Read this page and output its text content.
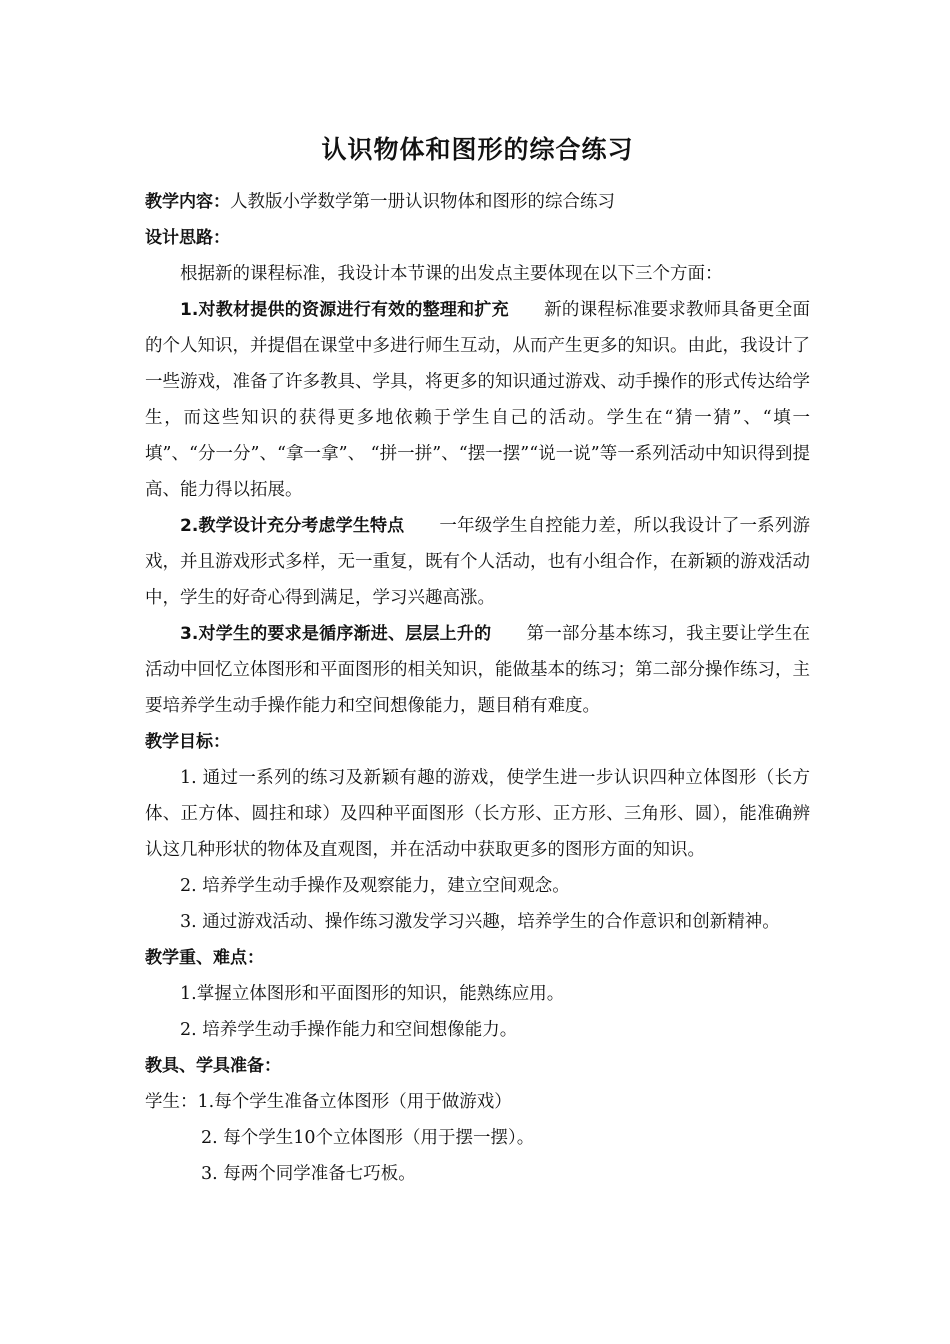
认识物体和图形的综合练习

教学内容：人教版小学数学第一册认识物体和图形的综合练习

设计思路：

根据新的课程标准，我设计本节课的出发点主要体现在以下三个方面：

1.对教材提供的资源进行有效的整理和扩充 新的课程标准要求教师具备更全面的个人知识，并提倡在课堂中多进行师生互动，从而产生更多的知识。由此，我设计了一些游戏，准备了许多教具、学具，将更多的知识通过游戏、动手操作的形式传达给学生，而这些知识的获得更多地依赖于学生自己的活动。学生在“猜一猜”、“填一填”、“分一分”、“拿一拿”、 “拼一拼”、“摆一摆”“说一说”等一系列活动中知识得到提高、能力得以拓展。

2.教学设计充分考虑学生特点 一年级学生自控能力差，所以我设计了一系列游戏，并且游戏形式多样，无一重复，既有个人活动，也有小组合作，在新颖的游戏活动中，学生的好奇心得到满足，学习兴趣高涨。

3.对学生的要求是循序渐进、层层上升的 第一部分基本练习，我主要让学生在活动中回忆立体图形和平面图形的相关知识，能做基本的练习；第二部分操作练习，主要培养学生动手操作能力和空间想像能力，题目稍有难度。

教学目标：

1. 通过一系列的练习及新颖有趣的游戏，使学生进一步认识四种立体图形（长方体、正方体、圆拄和球）及四种平面图形（长方形、正方形、三角形、圆），能准确辨认这几种形状的物体及直观图，并在活动中获取更多的图形方面的知识。

2. 培养学生动手操作及观察能力，建立空间观念。

3. 通过游戏活动、操作练习激发学习兴趣，培养学生的合作意识和创新精神。

教学重、难点：

1.掌握立体图形和平面图形的知识，能熟练应用。

2. 培养学生动手操作能力和空间想像能力。

教具、学具准备：

学生：1.每个学生准备立体图形（用于做游戏）

2. 每个学生10个立体图形（用于摆一摆）。

3. 每两个同学准备七巧板。
